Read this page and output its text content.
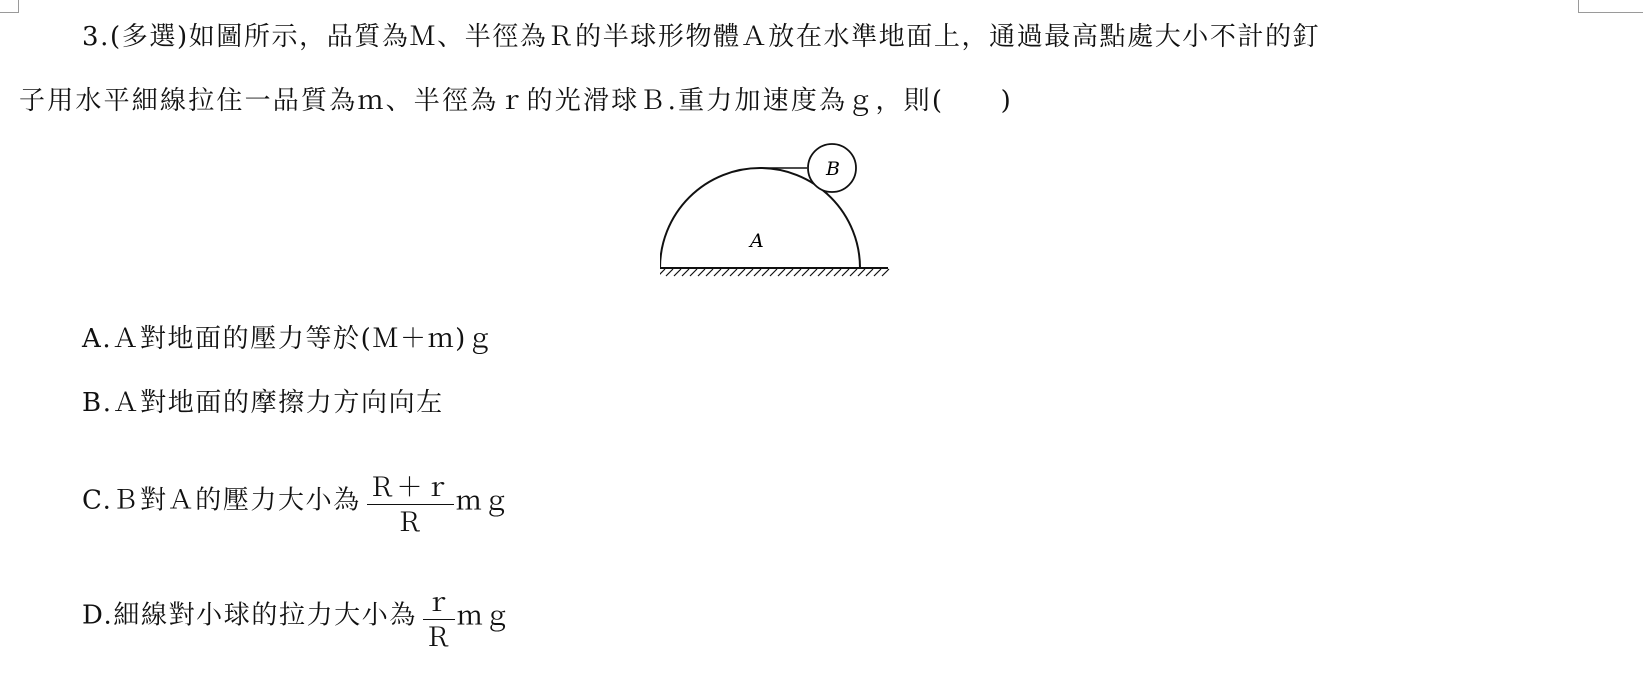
3.(多選)如圖所示，品質為Ｍ、半徑為Ｒ的半球形物體Ａ放在水準地面上，通過最高點處大小不計的釘
子用水平細線拉住一品質為ｍ、半徑為ｒ的光滑球Ｂ.重力加速度為ｇ，則(　　)
B
A
A.Ａ對地面的壓力等於(Ｍ＋ｍ)ｇ
B.Ａ對地面的摩擦力方向向左
C.Ｂ對Ａ的壓力大小為 $\frac{\text{Ｒ＋ｒ}}{\text{Ｒ}}$ ｍｇ
D.細線對小球的拉力大小為 $\frac{\text{ｒ}}{\text{Ｒ}}$ ｍｇ
